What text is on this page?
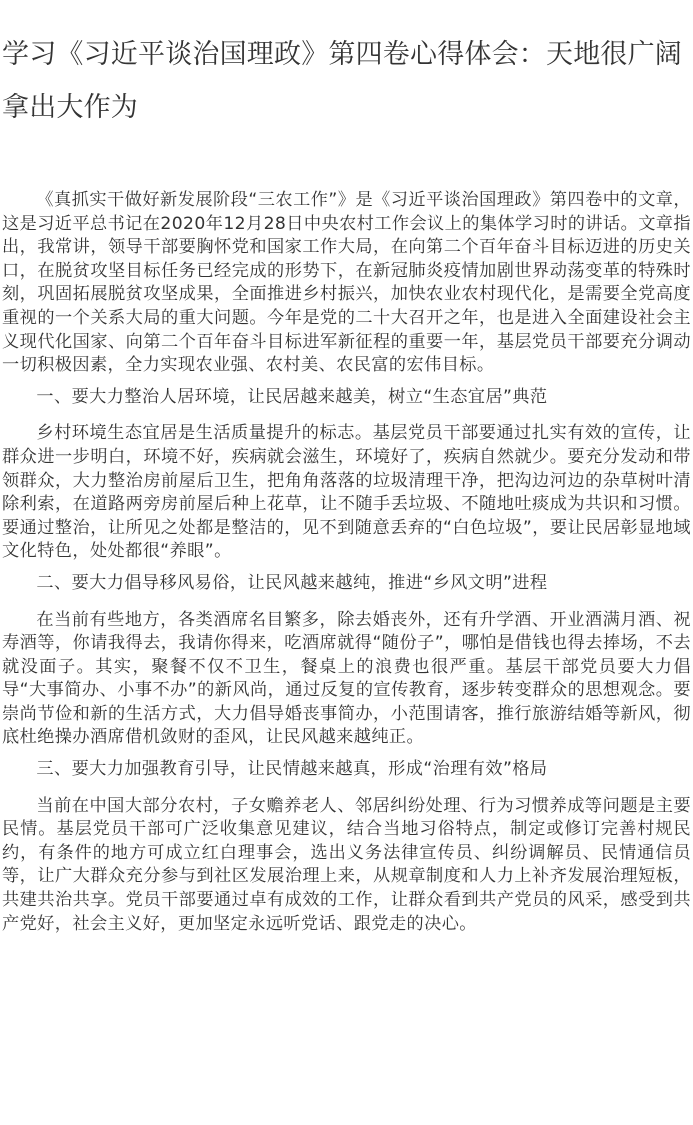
学习《习近平谈治国理政》第四卷心得体会：天地很广阔 拿出大作为

《真抓实干做好新发展阶段“三农工作”》是《习近平谈治国理政》第四卷中的文章，这是习近平总书记在2020年12月28日中央农村工作会议上的集体学习时的讲话。文章指出，我常讲，领导干部要胸怀党和国家工作大局，在向第二个百年奋斗目标迈进的历史关口，在脱贫攻坚目标任务已经完成的形势下，在新冠肺炎疫情加剧世界动荡变革的特殊时刻，巩固拓展脱贫攻坚成果，全面推进乡村振兴，加快农业农村现代化，是需要全党高度重视的一个关系大局的重大问题。今年是党的二十大召开之年，也是进入全面建设社会主义现代化国家、向第二个百年奋斗目标进军新征程的重要一年，基层党员干部要充分调动一切积极因素，全力实现农业强、农村美、农民富的宏伟目标。

一、要大力整治人居环境，让民居越来越美，树立“生态宜居”典范

乡村环境生态宜居是生活质量提升的标志。基层党员干部要通过扎实有效的宣传，让群众进一步明白，环境不好，疾病就会滋生，环境好了，疾病自然就少。要充分发动和带领群众，大力整治房前屋后卫生，把角角落落的垃圾清理干净，把沟边河边的杂草树叶清除利索，在道路两旁房前屋后种上花草，让不随手丢垃圾、不随地吐痰成为共识和习惯。要通过整治，让所见之处都是整洁的，见不到随意丢弃的“白色垃圾”，要让民居彰显地域文化特色，处处都很“养眼”。

二、要大力倡导移风易俗，让民风越来越纯，推进“乡风文明”进程

在当前有些地方，各类酒席名目繁多，除去婚丧外，还有升学酒、开业酒满月酒、祝寿酒等，你请我得去，我请你得来，吃酒席就得“随份子”，哪怕是借钱也得去捧场，不去就没面子。其实，聚餐不仅不卫生，餐桌上的浪费也很严重。基层干部党员要大力倡导“大事简办、小事不办”的新风尚，通过反复的宣传教育，逐步转变群众的思想观念。要崇尚节俭和新的生活方式，大力倡导婚丧事简办，小范围请客，推行旅游结婚等新风，彻底杜绝操办酒席借机敛财的歪风，让民风越来越纯正。

三、要大力加强教育引导，让民情越来越真，形成“治理有效”格局

当前在中国大部分农村，子女赡养老人、邻居纠纷处理、行为习惯养成等问题是主要民情。基层党员干部可广泛收集意见建议，结合当地习俗特点，制定或修订完善村规民约，有条件的地方可成立红白理事会，选出义务法律宣传员、纠纷调解员、民情通信员等，让广大群众充分参与到社区发展治理上来，从规章制度和人力上补齐发展治理短板，共建共治共享。党员干部要通过卓有成效的工作，让群众看到共产党员的风采，感受到共产党好，社会主义好，更加坚定永远听党话、跟党走的决心。
